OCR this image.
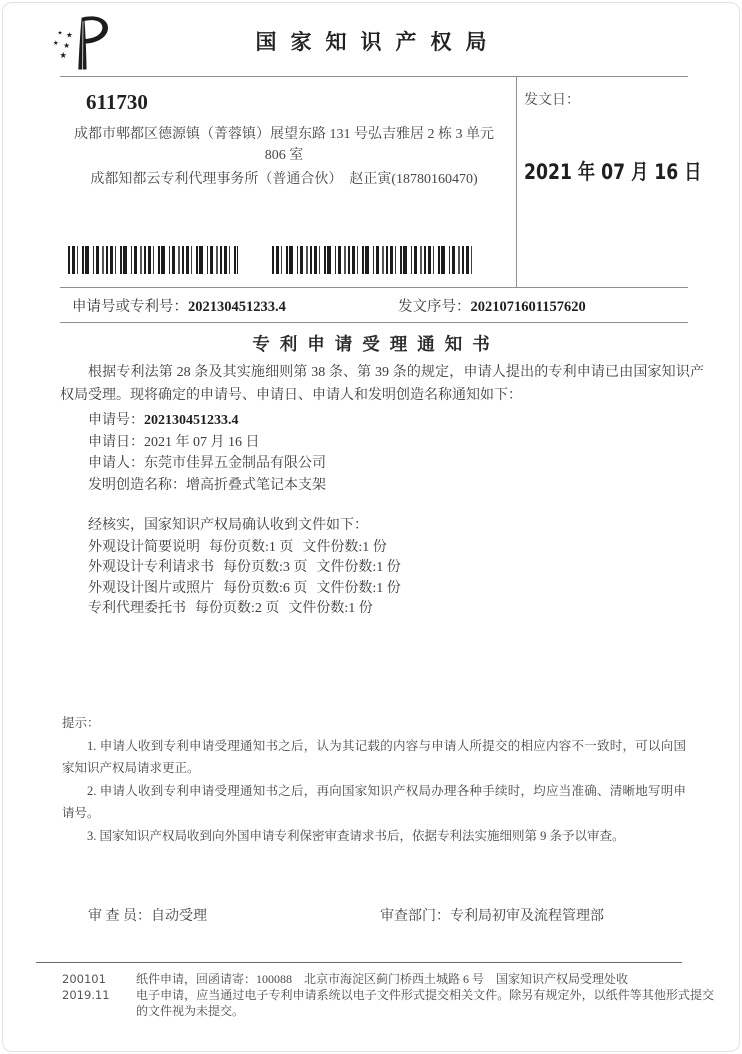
★ ★
★ ★
★
国家知识产权局
611730
成都市郫都区德源镇（菁蓉镇）展望东路 131 号弘吉雅居 2 栋 3 单元
806 室
成都知都云专利代理事务所（普通合伙）　赵正寅(18780160470)
发文日：
2021 年 07 月 16 日
申请号或专利号：202130451233.4	发文序号：2021071601157620
专利申请受理通知书

根据专利法第 28 条及其实施细则第 38 条、第 39 条的规定，申请人提出的专利申请已由国家知识产权局受理。现将确定的申请号、申请日、申请人和发明创造名称通知如下：

申请号：202130451233.4
申请日：2021 年 07 月 16 日
申请人：东莞市佳昇五金制品有限公司
发明创造名称：增高折叠式笔记本支架
经核实，国家知识产权局确认收到文件如下：
外观设计简要说明 每份页数:1 页 文件份数:1 份
外观设计专利请求书 每份页数:3 页 文件份数:1 份
外观设计图片或照片 每份页数:6 页 文件份数:1 份
专利代理委托书 每份页数:2 页 文件份数:1 份

提示：

1. 申请人收到专利申请受理通知书之后，认为其记载的内容与申请人所提交的相应内容不一致时，可以向国家知识产权局请求更正。

2. 申请人收到专利申请受理通知书之后，再向国家知识产权局办理各种手续时，均应当准确、清晰地写明申请号。

3. 国家知识产权局收到向外国申请专利保密审查请求书后，依据专利法实施细则第 9 条予以审查。

审 查 员：自动受理	审查部门：专利局初审及流程管理部
200101	纸件申请，回函请寄：100088　北京市海淀区蓟门桥西土城路 6 号　国家知识产权局受理处收
2019.11	电子申请，应当通过电子专利申请系统以电子文件形式提交相关文件。除另有规定外，以纸件等其他形式提交的文件视为未提交。
